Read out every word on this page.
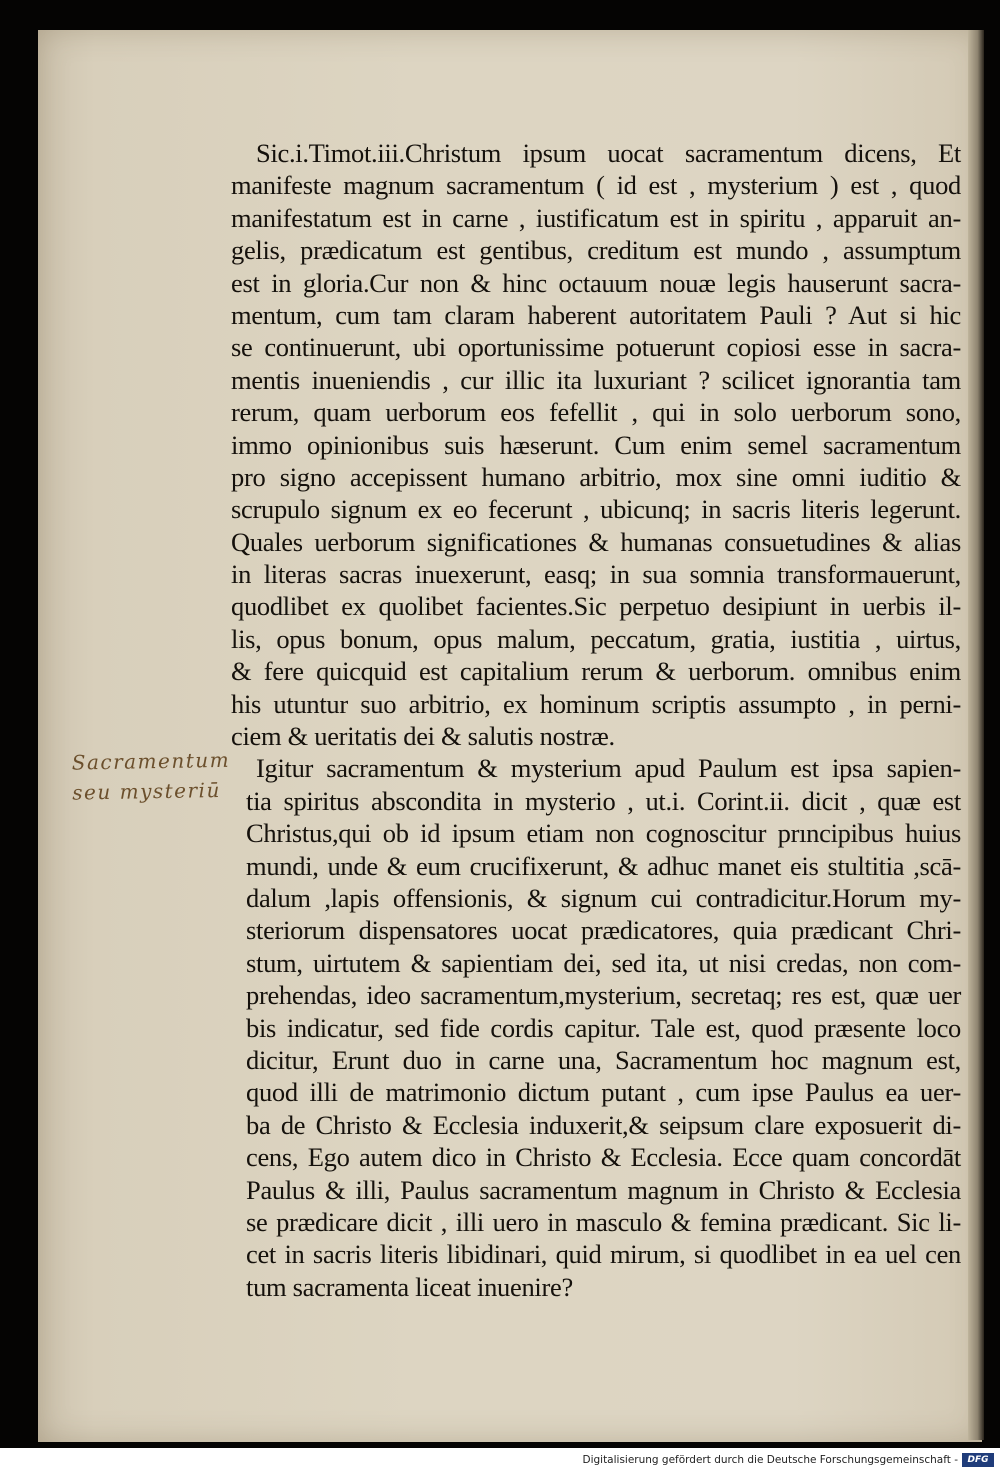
Sic.i.Timot.iii.Christum ipsum uocat sacramentum dicens, Et
manifeste magnum sacramentum ( id est , mysterium ) est , quod
manifestatum est in carne , iustificatum est in spiritu , apparuit an-
gelis, prædicatum est gentibus, creditum est mundo , assumptum
est in gloria.Cur non & hinc octauum nouæ legis hauserunt sacra-
mentum, cum tam claram haberent autoritatem Pauli ? Aut si hic
se continuerunt, ubi oportunissime potuerunt copiosi esse in sacra-
mentis inueniendis , cur illic ita luxuriant ? scilicet ignorantia tam
rerum, quam uerborum eos fefellit , qui in solo uerborum sono,
immo opinionibus suis hæserunt. Cum enim semel sacramentum
pro signo accepissent humano arbitrio, mox sine omni iuditio &
scrupulo signum ex eo fecerunt , ubicunq; in sacris literis legerunt.
Quales uerborum significationes & humanas consuetudines & alias
in literas sacras inuexerunt, easq; in sua somnia transformauerunt,
quodlibet ex quolibet facientes.Sic perpetuo desipiunt in uerbis il-
lis, opus bonum, opus malum, peccatum, gratia, iustitia , uirtus,
& fere quicquid est capitalium rerum & uerborum. omnibus enim
his utuntur suo arbitrio, ex hominum scriptis assumpto , in perni-
ciem & ueritatis dei & salutis nostræ.
Igitur sacramentum & mysterium apud Paulum est ipsa sapien-
tia spiritus abscondita in mysterio , ut.i. Corint.ii. dicit , quæ est
Christus,qui ob id ipsum etiam non cognoscitur prıncipibus huius
mundi, unde & eum crucifixerunt, & adhuc manet eis stultitia ,scā-
dalum ,lapis offensionis, & signum cui contradicitur.Horum my-
steriorum dispensatores uocat prædicatores, quia prædicant Chri-
stum, uirtutem & sapientiam dei, sed ita, ut nisi credas, non com-
prehendas, ideo sacramentum,mysterium, secretaq; res est, quæ uer
bis indicatur, sed fide cordis capitur. Tale est, quod præsente loco
dicitur, Erunt duo in carne una, Sacramentum hoc magnum est,
quod illi de matrimonio dictum putant , cum ipse Paulus ea uer-
ba de Christo & Ecclesia induxerit,& seipsum clare exposuerit di-
cens, Ego autem dico in Christo & Ecclesia. Ecce quam concordāt
Paulus & illi, Paulus sacramentum magnum in Christo & Ecclesia
se prædicare dicit , illi uero in masculo & femina prædicant. Sic li-
cet in sacris literis libidinari, quid mirum, si quodlibet in ea uel cen
tum sacramenta liceat inuenire?
Sacramentum
seu mysteriū
Digitalisierung gefördert durch die Deutsche Forschungsgemeinschaft -	DFG
